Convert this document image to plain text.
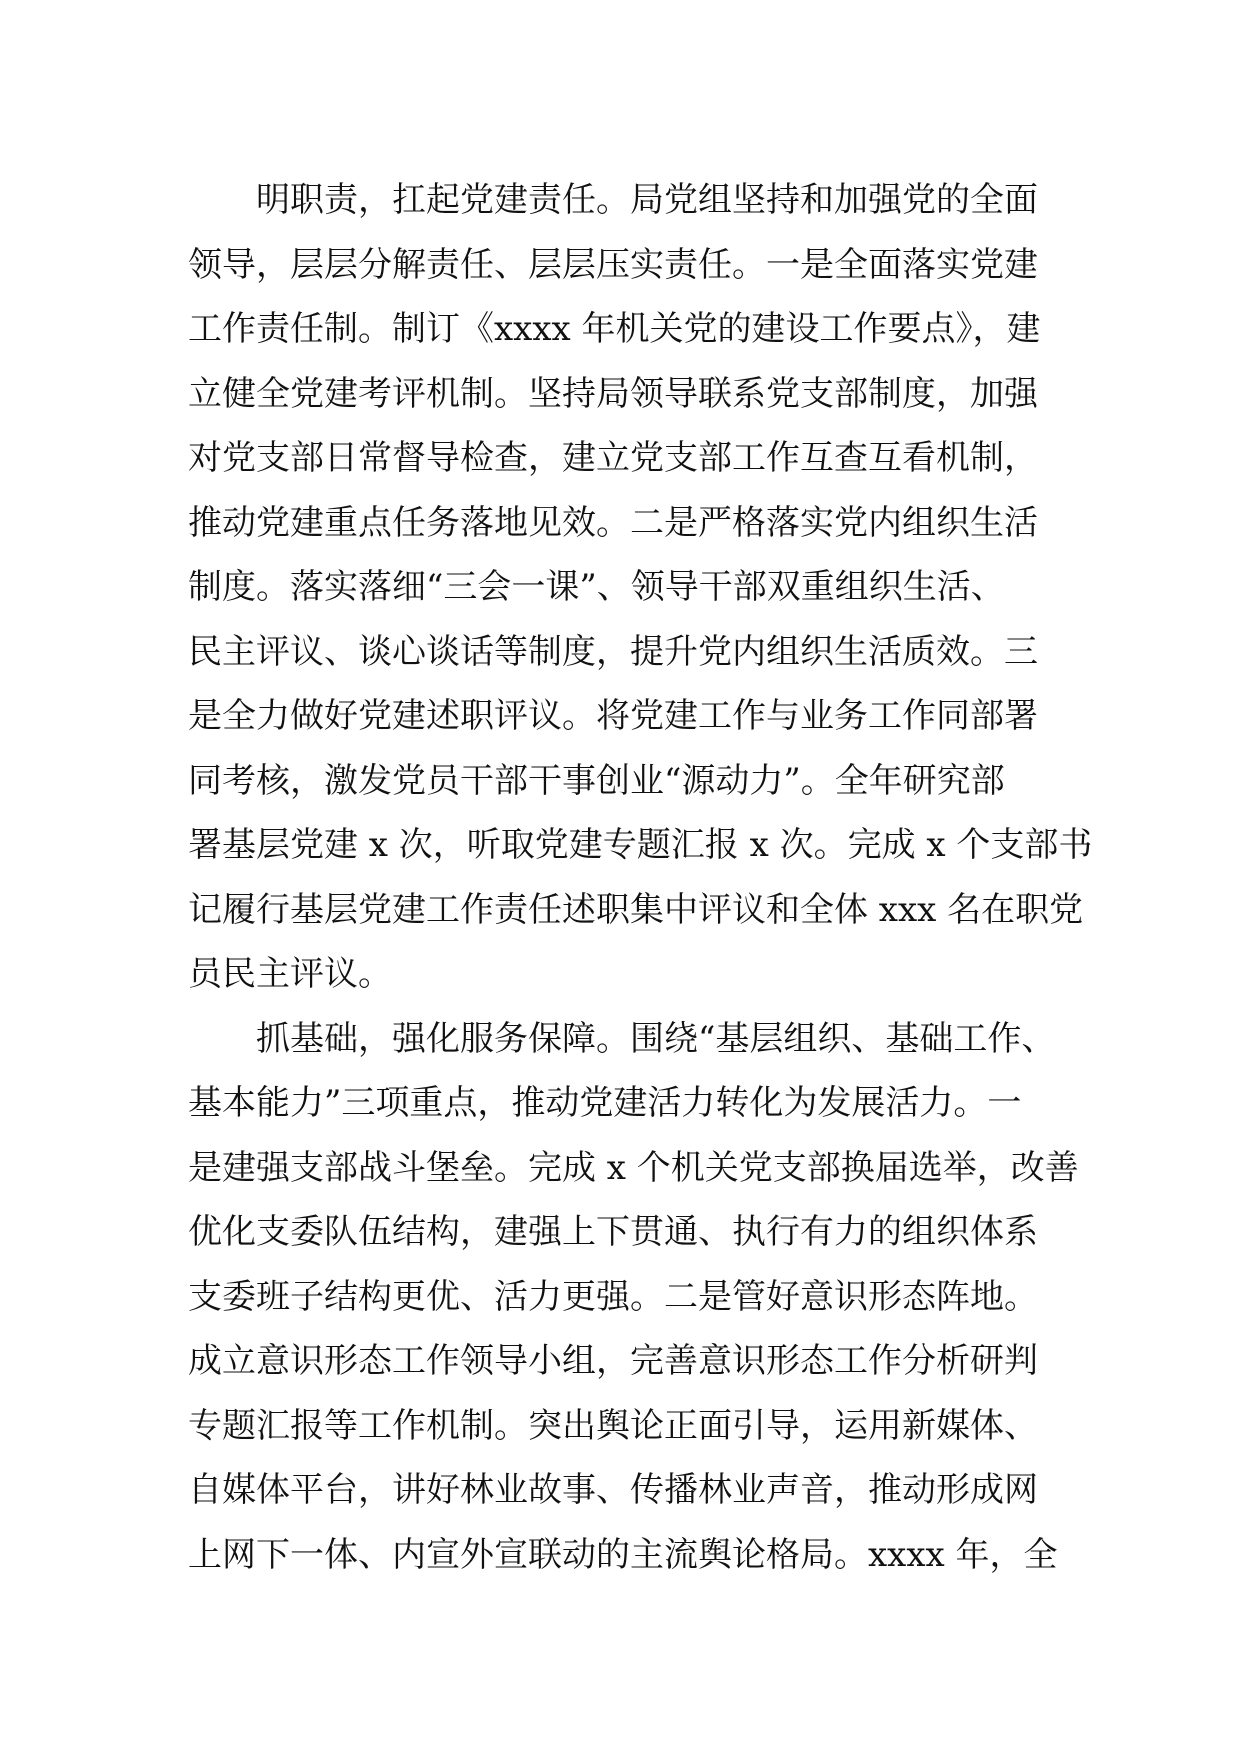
明职责，扛起党建责任。局党组坚持和加强党的全面
领导，层层分解责任、层层压实责任。一是全面落实党建
工作责任制。制订《xxxx 年机关党的建设工作要点》，建
立健全党建考评机制。坚持局领导联系党支部制度，加强
对党支部日常督导检查，建立党支部工作互查互看机制，
推动党建重点任务落地见效。二是严格落实党内组织生活
制度。落实落细“三会一课”、领导干部双重组织生活、
民主评议、谈心谈话等制度，提升党内组织生活质效。三
是全力做好党建述职评议。将党建工作与业务工作同部署
同考核，激发党员干部干事创业“源动力”。全年研究部
署基层党建 x 次，听取党建专题汇报 x 次。完成 x 个支部书
记履行基层党建工作责任述职集中评议和全体 xxx 名在职党
员民主评议。
抓基础，强化服务保障。围绕“基层组织、基础工作、
基本能力”三项重点，推动党建活力转化为发展活力。一
是建强支部战斗堡垒。完成 x 个机关党支部换届选举，改善
优化支委队伍结构，建强上下贯通、执行有力的组织体系
支委班子结构更优、活力更强。二是管好意识形态阵地。
成立意识形态工作领导小组，完善意识形态工作分析研判
专题汇报等工作机制。突出舆论正面引导，运用新媒体、
自媒体平台，讲好林业故事、传播林业声音，推动形成网
上网下一体、内宣外宣联动的主流舆论格局。xxxx 年，全
